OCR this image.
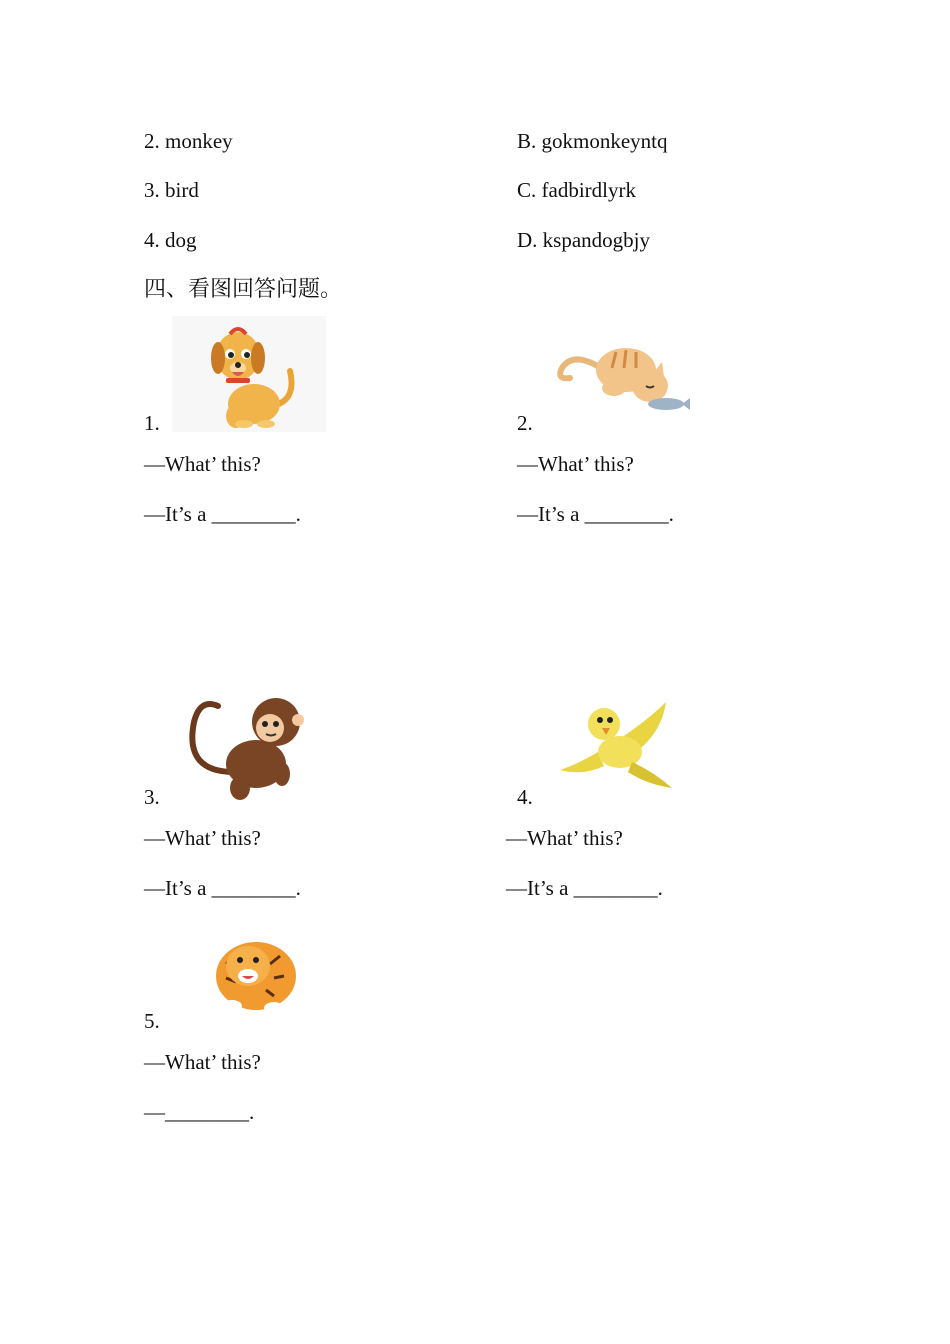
2. monkey	B. gokmonkeyntq
3. bird	C. fadbirdlyrk
4. dog	D. kspandogbjy
四、看图回答问题。
1.
—What’ this?
—It’s a ________.
2.
—What’ this?
—It’s a ________.
3.
—What’ this?
—It’s a ________.
4.
—What’ this?
—It’s a ________.
5.
—What’ this?
—________.
